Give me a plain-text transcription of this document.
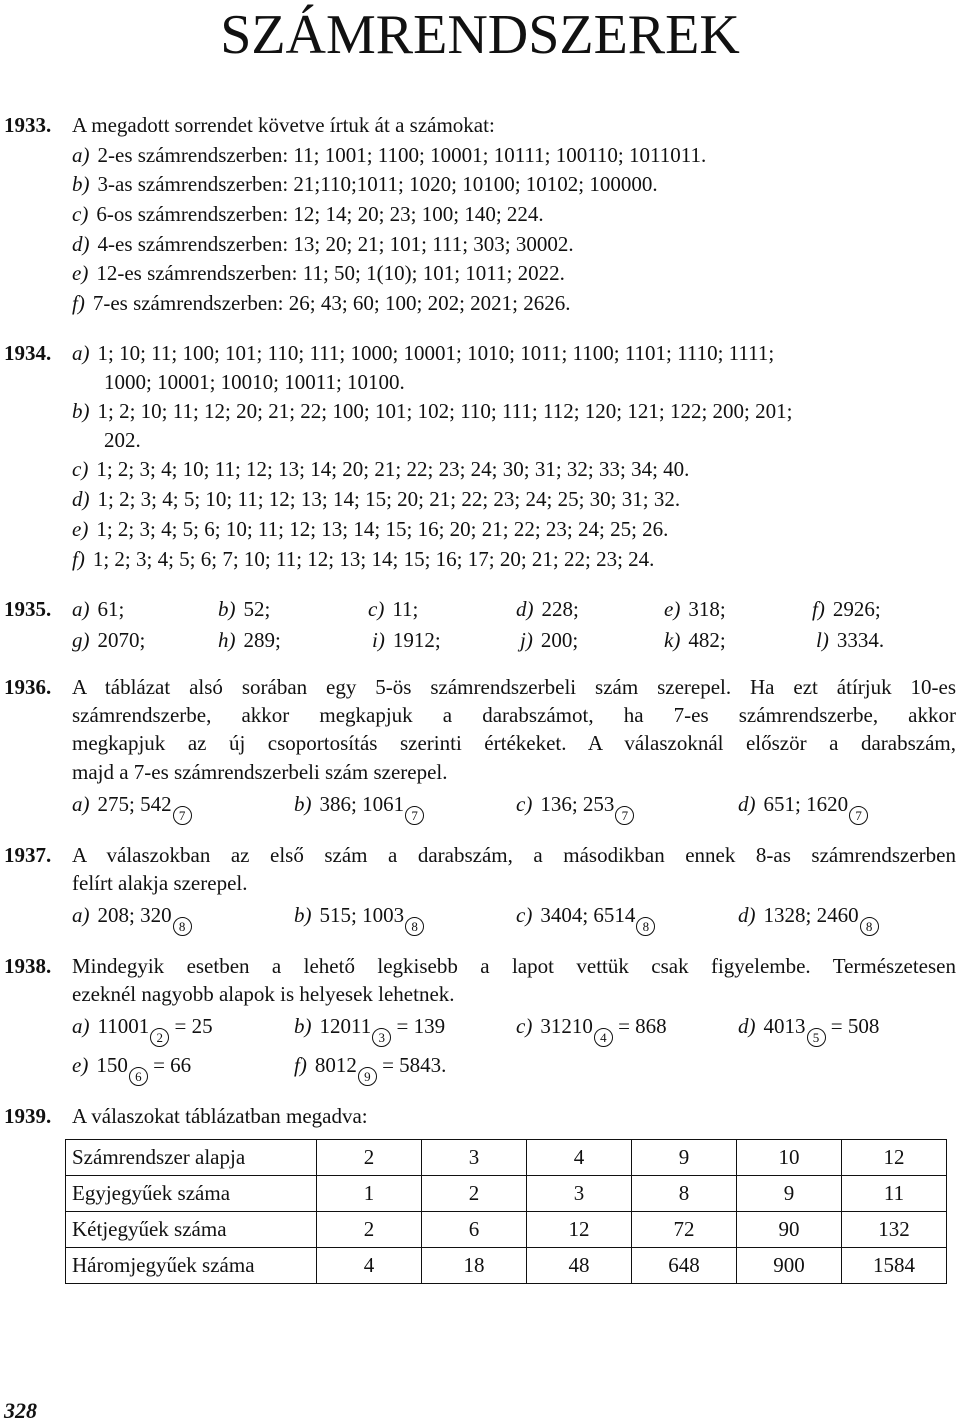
SZÁMRENDSZEREK
1933. A megadott sorrendet követve írtuk át a számokat:
a) 2-es számrendszerben: 11; 1001; 1100; 10001; 10111; 100110; 1011011.
b) 3-as számrendszerben: 21;110;1011; 1020; 10100; 10102; 100000.
c) 6-os számrendszerben: 12; 14; 20; 23; 100; 140; 224.
d) 4-es számrendszerben: 13; 20; 21; 101; 111; 303; 30002.
e) 12-es számrendszerben: 11; 50; 1(10); 101; 1011; 2022.
f) 7-es számrendszerben: 26; 43; 60; 100; 202; 2021; 2626.
1934. a) 1; 10; 11; 100; 101; 110; 111; 1000; 10001; 1010; 1011; 1100; 1101; 1110; 1111;
1000; 10001; 10010; 10011; 10100.
b) 1; 2; 10; 11; 12; 20; 21; 22; 100; 101; 102; 110; 111; 112; 120; 121; 122; 200; 201;
202.
c) 1; 2; 3; 4; 10; 11; 12; 13; 14; 20; 21; 22; 23; 24; 30; 31; 32; 33; 34; 40.
d) 1; 2; 3; 4; 5; 10; 11; 12; 13; 14; 15; 20; 21; 22; 23; 24; 25; 30; 31; 32.
e) 1; 2; 3; 4; 5; 6; 10; 11; 12; 13; 14; 15; 16; 20; 21; 22; 23; 24; 25; 26.
f) 1; 2; 3; 4; 5; 6; 7; 10; 11; 12; 13; 14; 15; 16; 17; 20; 21; 22; 23; 24.
1935. a) 61;	b) 52;	c) 11;	d) 228;	e) 318;	f) 2926;
g) 2070;	h) 289;	i) 1912;	j) 200;	k) 482;	l) 3334.
1936. A táblázat alsó sorában egy 5-ös számrendszerbeli szám szerepel. Ha ezt átírjuk 10-es
számrendszerbe, akkor megkapjuk a darabszámot, ha 7-es számrendszerbe, akkor
megkapjuk az új csoportosítás szerinti értékeket. A válaszoknál először a darabszám,
majd a 7-es számrendszerbeli szám szerepel.
a) 275; 542 7	b) 386; 1061 7	c) 136; 253 7	d) 651; 1620 7
1937. A válaszokban az első szám a darabszám, a másodikban ennek 8-as számrendszerben
felírt alakja szerepel.
a) 208; 320 8	b) 515; 1003 8	c) 3404; 6514 8	d) 1328; 2460 8
1938. Mindegyik esetben a lehető legkisebb a lapot vettük csak figyelembe. Természetesen
ezeknél nagyobb alapok is helyesek lehetnek.
a) 11001 2 = 25	b) 12011 3 = 139	c) 31210 4 = 868	d) 4013 5 = 508
e) 150 6 = 66	f) 8012 9 = 5843.
1939. A válaszokat táblázatban megadva:
Számrendszer alapja	2	3	4	9	10	12
Egyjegyűek száma	1	2	3	8	9	11
Kétjegyűek száma	2	6	12	72	90	132
Háromjegyűek száma	4	18	48	648	900	1584
328
